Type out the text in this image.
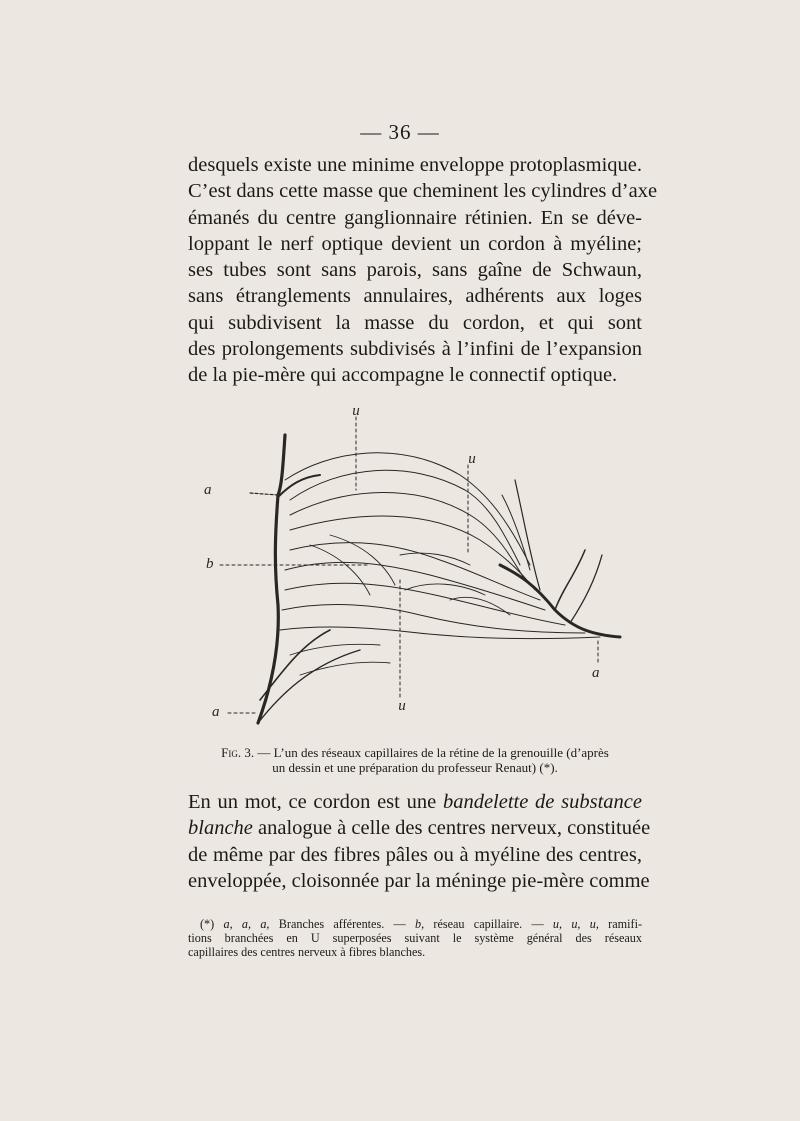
— 36 —

desquels existe une minime enveloppe protoplasmique.
C’est dans cette masse que cheminent les cylindres d’axe
émanés du centre ganglionnaire rétinien. En se déve-
loppant le nerf optique devient un cordon à myéline;
ses tubes sont sans parois, sans gaîne de Schwaun,
sans étranglements annulaires, adhérents aux loges
qui subdivisent la masse du cordon, et qui sont
des prolongements subdivisés à l’infini de l’expansion
de la pie-mère qui accompagne le connectif optique.

u
u
u
a
a
a
b
Fig. 3. — L’un des réseaux capillaires de la rétine de la grenouille (d’après
un dessin et une préparation du professeur Renaut) (*).

En un mot, ce cordon est une bandelette de substance
blanche analogue à celle des centres nerveux, constituée
de même par des fibres pâles ou à myéline des centres,
enveloppée, cloisonnée par la méninge pie-mère comme

(*) a, a, a, Branches afférentes. — b, réseau capillaire. — u, u, u, ramifi-
tions branchées en U superposées suivant le système général des réseaux
capillaires des centres nerveux à fibres blanches.
